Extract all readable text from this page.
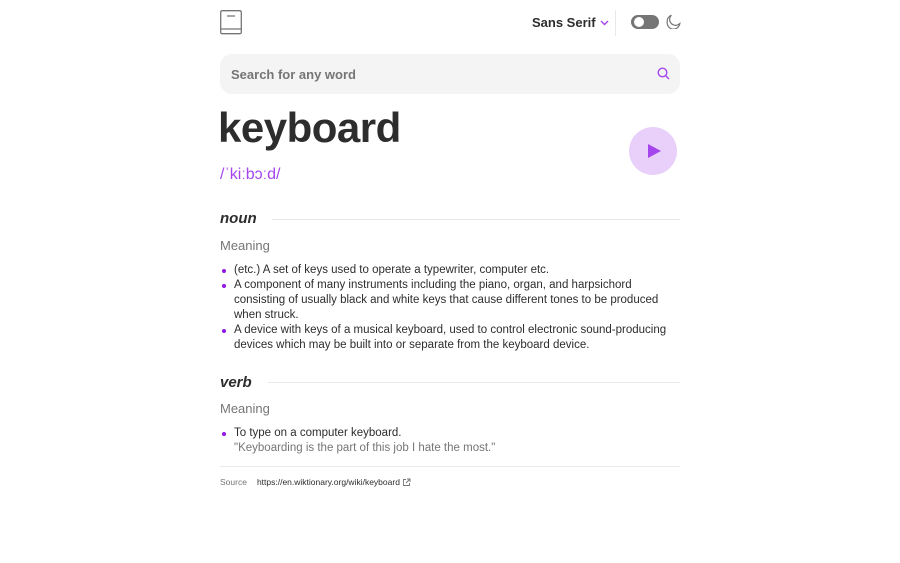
Sans Serif
Search for any word
keyboard
/ˈkiːbɔːd/
noun
Meaning
(etc.) A set of keys used to operate a typewriter, computer etc.
A component of many instruments including the piano, organ, and harpsichord consisting of usually black and white keys that cause different tones to be produced when struck.
A device with keys of a musical keyboard, used to control electronic sound-producing devices which may be built into or separate from the keyboard device.
verb
Meaning
To type on a computer keyboard.
"Keyboarding is the part of this job I hate the most."
Source https://en.wiktionary.org/wiki/keyboard
